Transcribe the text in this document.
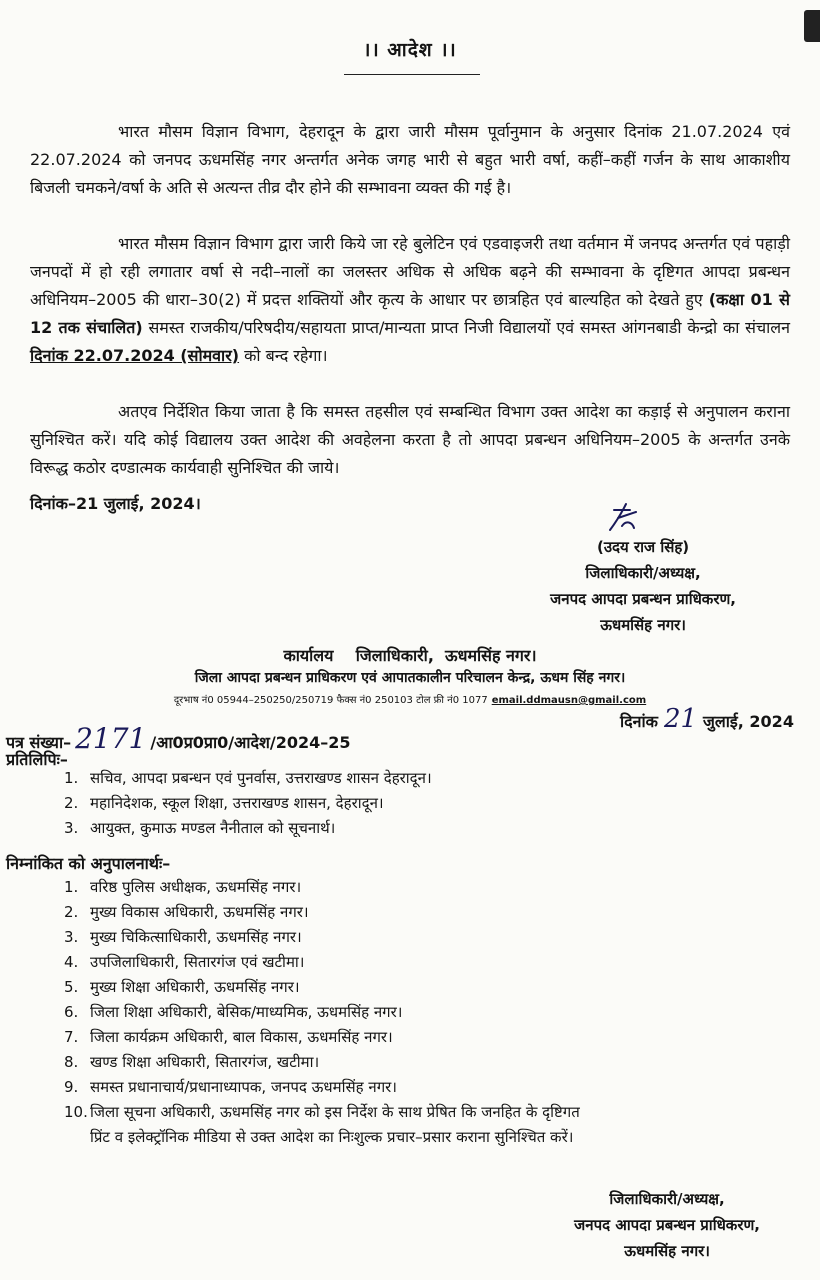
।। आदेश ।।

भारत मौसम विज्ञान विभाग, देहरादून के द्वारा जारी मौसम पूर्वानुमान के अनुसार दिनांक 21.07.2024 एवं 22.07.2024 को जनपद ऊधमसिंह नगर अन्तर्गत अनेक जगह भारी से बहुत भारी वर्षा, कहीं–कहीं गर्जन के साथ आकाशीय बिजली चमकने/वर्षा के अति से अत्यन्त तीव्र दौर होने की सम्भावना व्यक्त की गई है।

भारत मौसम विज्ञान विभाग द्वारा जारी किये जा रहे बुलेटिन एवं एडवाइजरी तथा वर्तमान में जनपद अन्तर्गत एवं पहाड़ी जनपदों में हो रही लगातार वर्षा से नदी–नालों का जलस्तर अधिक से अधिक बढ़ने की सम्भावना के दृष्टिगत आपदा प्रबन्धन अधिनियम–2005 की धारा–30(2) में प्रदत्त शक्तियों और कृत्य के आधार पर छात्रहित एवं बाल्यहित को देखते हुए (कक्षा 01 से 12 तक संचालित) समस्त राजकीय/परिषदीय/सहायता प्राप्त/मान्यता प्राप्त निजी विद्यालयों एवं समस्त आंगनबाडी केन्द्रो का संचालन दिनांक 22.07.2024 (सोमवार) को बन्द रहेगा।

अतएव निर्देशित किया जाता है कि समस्त तहसील एवं सम्बन्धित विभाग उक्त आदेश का कड़ाई से अनुपालन कराना सुनिश्चित करें। यदि कोई विद्यालय उक्त आदेश की अवहेलना करता है तो आपदा प्रबन्धन अधिनियम–2005 के अन्तर्गत उनके विरूद्ध कठोर दण्डात्मक कार्यवाही सुनिश्चित की जाये।

दिनांक–21 जुलाई, 2024।
(उदय राज सिंह)
जिलाधिकारी/अध्यक्ष,
जनपद आपदा प्रबन्धन प्राधिकरण,
ऊधमसिंह नगर।
कार्यालय    जिलाधिकारी,  ऊधमसिंह नगर।
जिला आपदा प्रबन्धन प्राधिकरण एवं आपातकालीन परिचालन केन्द्र, ऊधम सिंह नगर।
दूरभाष नं0 05944–250250/250719 फैक्स नं0 250103 टोल फ्री नं0 1077 email.ddmausn@gmail.com
पत्र संख्या– 2171 /आ0प्र0प्रा0/आदेश/2024–25
दिनांक 21 जुलाई, 2024
प्रतिलिपिः–
1. सचिव, आपदा प्रबन्धन एवं पुनर्वास, उत्तराखण्ड शासन देहरादून।
2. महानिदेशक, स्कूल शिक्षा, उत्तराखण्ड शासन, देहरादून।
3. आयुक्त, कुमाऊ मण्डल नैनीताल को सूचनार्थ।
निम्नांकित को अनुपालनार्थः–
1. वरिष्ठ पुलिस अधीक्षक, ऊधमसिंह नगर।
2. मुख्य विकास अधिकारी, ऊधमसिंह नगर।
3. मुख्य चिकित्साधिकारी, ऊधमसिंह नगर।
4. उपजिलाधिकारी, सितारगंज एवं खटीमा।
5. मुख्य शिक्षा अधिकारी, ऊधमसिंह नगर।
6. जिला शिक्षा अधिकारी, बेसिक/माध्यमिक, ऊधमसिंह नगर।
7. जिला कार्यक्रम अधिकारी, बाल विकास, ऊधमसिंह नगर।
8. खण्ड शिक्षा अधिकारी, सितारगंज, खटीमा।
9. समस्त प्रधानाचार्य/प्रधानाध्यापक, जनपद ऊधमसिंह नगर।
10. जिला सूचना अधिकारी, ऊधमसिंह नगर को इस निर्देश के साथ प्रेषित कि जनहित के दृष्टिगत
प्रिंट व इलेक्ट्रॉनिक मीडिया से उक्त आदेश का निःशुल्क प्रचार–प्रसार कराना सुनिश्चित करें।
जिलाधिकारी/अध्यक्ष,
जनपद आपदा प्रबन्धन प्राधिकरण,
ऊधमसिंह नगर।
